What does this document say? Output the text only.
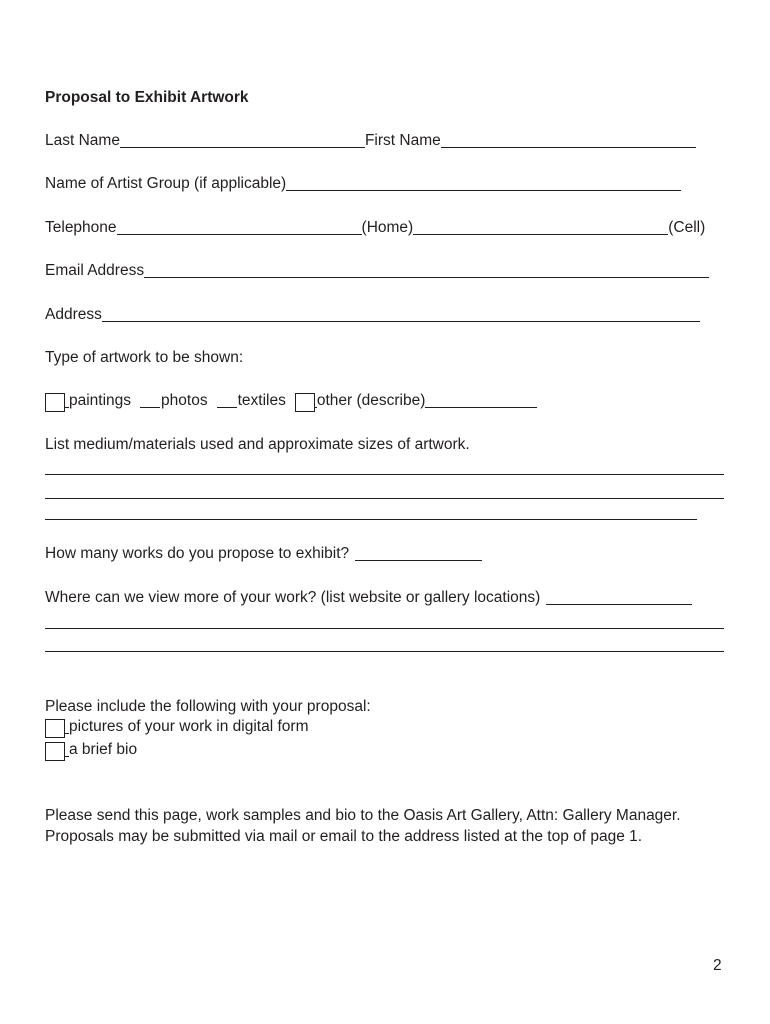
Proposal to Exhibit Artwork
Last Name	First Name
Name of Artist Group (if applicable)
Telephone	(Home)	(Cell)
Email Address
Address
Type of artwork to be shown:
paintings photos textiles other (describe)
List medium/materials used and approximate sizes of artwork.
How many works do you propose to exhibit?
Where can we view more of your work? (list website or gallery locations)
Please include the following with your proposal:
pictures of your work in digital form
a brief bio
Please send this page, work samples and bio to the Oasis Art Gallery, Attn: Gallery Manager.
Proposals may be submitted via mail or email to the address listed at the top of page 1.
2
